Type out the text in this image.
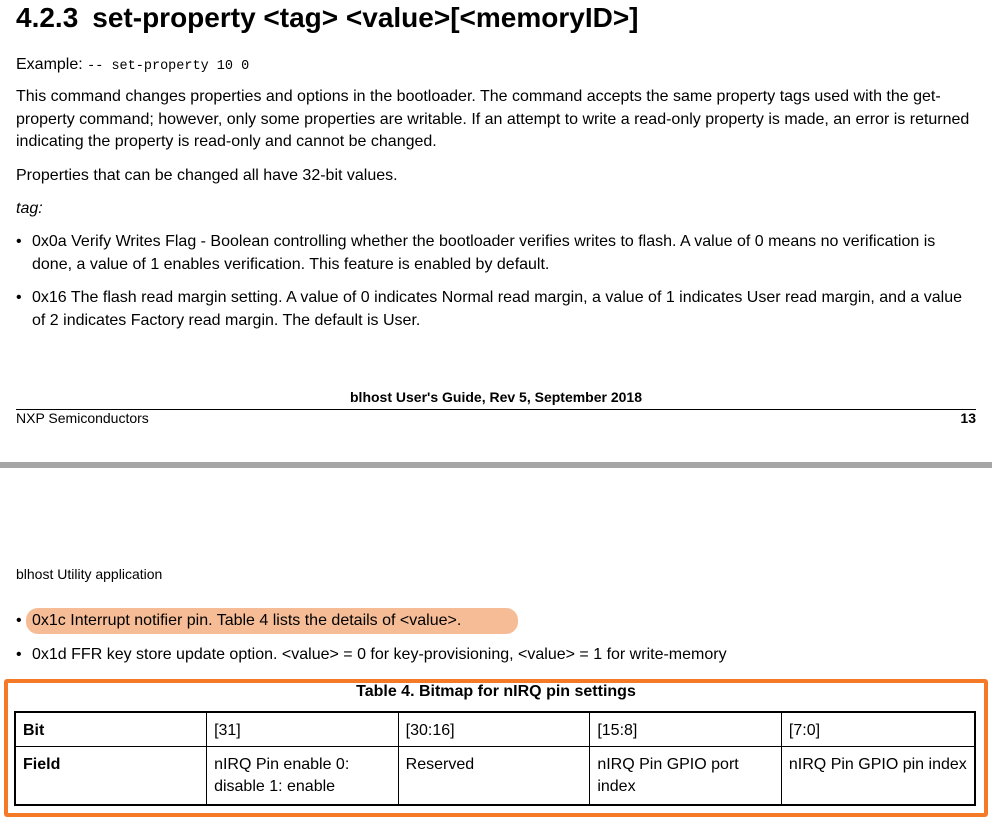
4.2.3 set-property <tag> <value>[<memoryID>]

Example: -- set-property 10 0

This command changes properties and options in the bootloader. The command accepts the same property tags used with the get-property command; however, only some properties are writable. If an attempt to write a read-only property is made, an error is returned indicating the property is read-only and cannot be changed.

Properties that can be changed all have 32-bit values.

tag:

• 0x0a Verify Writes Flag - Boolean controlling whether the bootloader verifies writes to flash. A value of 0 means no verification is done, a value of 1 enables verification. This feature is enabled by default.
• 0x16 The flash read margin setting. A value of 0 indicates Normal read margin, a value of 1 indicates User read margin, and a value of 2 indicates Factory read margin. The default is User.
blhost User's Guide, Rev 5, September 2018
NXP Semiconductors	13
blhost Utility application
• 0x1c Interrupt notifier pin. Table 4 lists the details of <value>.
• 0x1d FFR key store update option. <value> = 0 for key-provisioning, <value> = 1 for write-memory
Table 4. Bitmap for nIRQ pin settings
Bit	[31]	[30:16]	[15:8]	[7:0]
Field	nIRQ Pin enable 0: disable 1: enable	Reserved	nIRQ Pin GPIO port index	nIRQ Pin GPIO pin index
